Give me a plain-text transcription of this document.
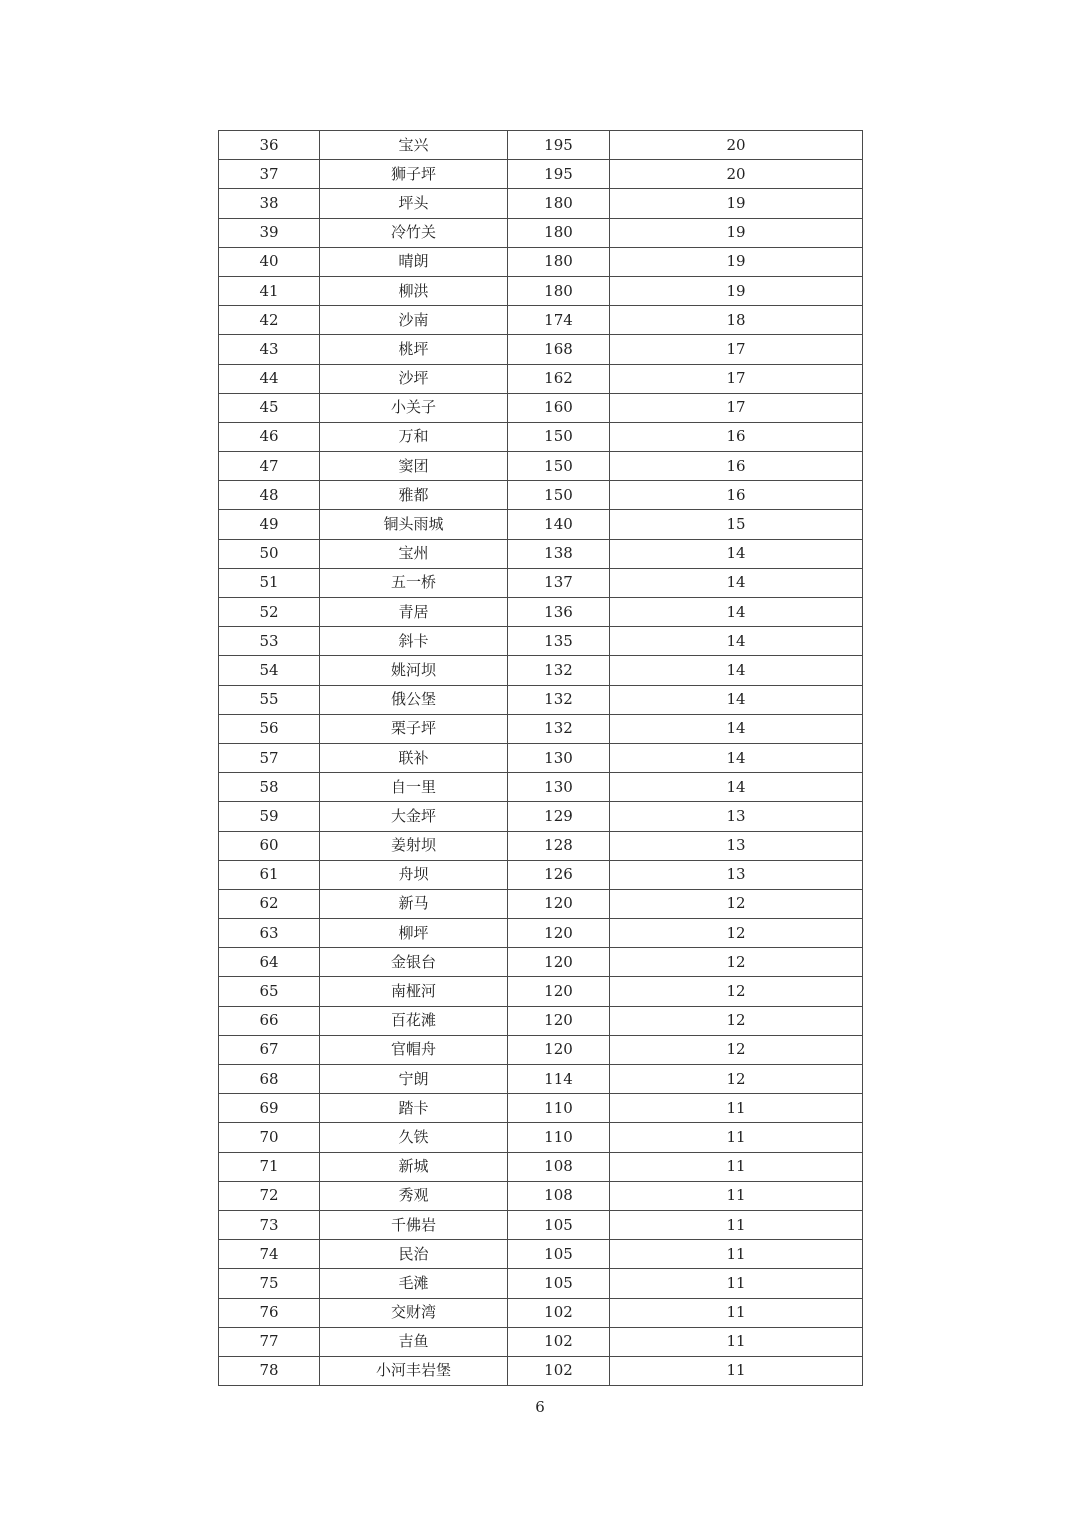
36	宝兴	195	20
37	狮子坪	195	20
38	坪头	180	19
39	冷竹关	180	19
40	晴朗	180	19
41	柳洪	180	19
42	沙南	174	18
43	桃坪	168	17
44	沙坪	162	17
45	小关子	160	17
46	万和	150	16
47	窦团	150	16
48	雅都	150	16
49	铜头雨城	140	15
50	宝州	138	14
51	五一桥	137	14
52	青居	136	14
53	斜卡	135	14
54	姚河坝	132	14
55	俄公堡	132	14
56	栗子坪	132	14
57	联补	130	14
58	自一里	130	14
59	大金坪	129	13
60	姜射坝	128	13
61	舟坝	126	13
62	新马	120	12
63	柳坪	120	12
64	金银台	120	12
65	南桠河	120	12
66	百花滩	120	12
67	官帽舟	120	12
68	宁朗	114	12
69	踏卡	110	11
70	久铁	110	11
71	新城	108	11
72	秀观	108	11
73	千佛岩	105	11
74	民治	105	11
75	毛滩	105	11
76	交财湾	102	11
77	吉鱼	102	11
78	小河丰岩堡	102	11
6
